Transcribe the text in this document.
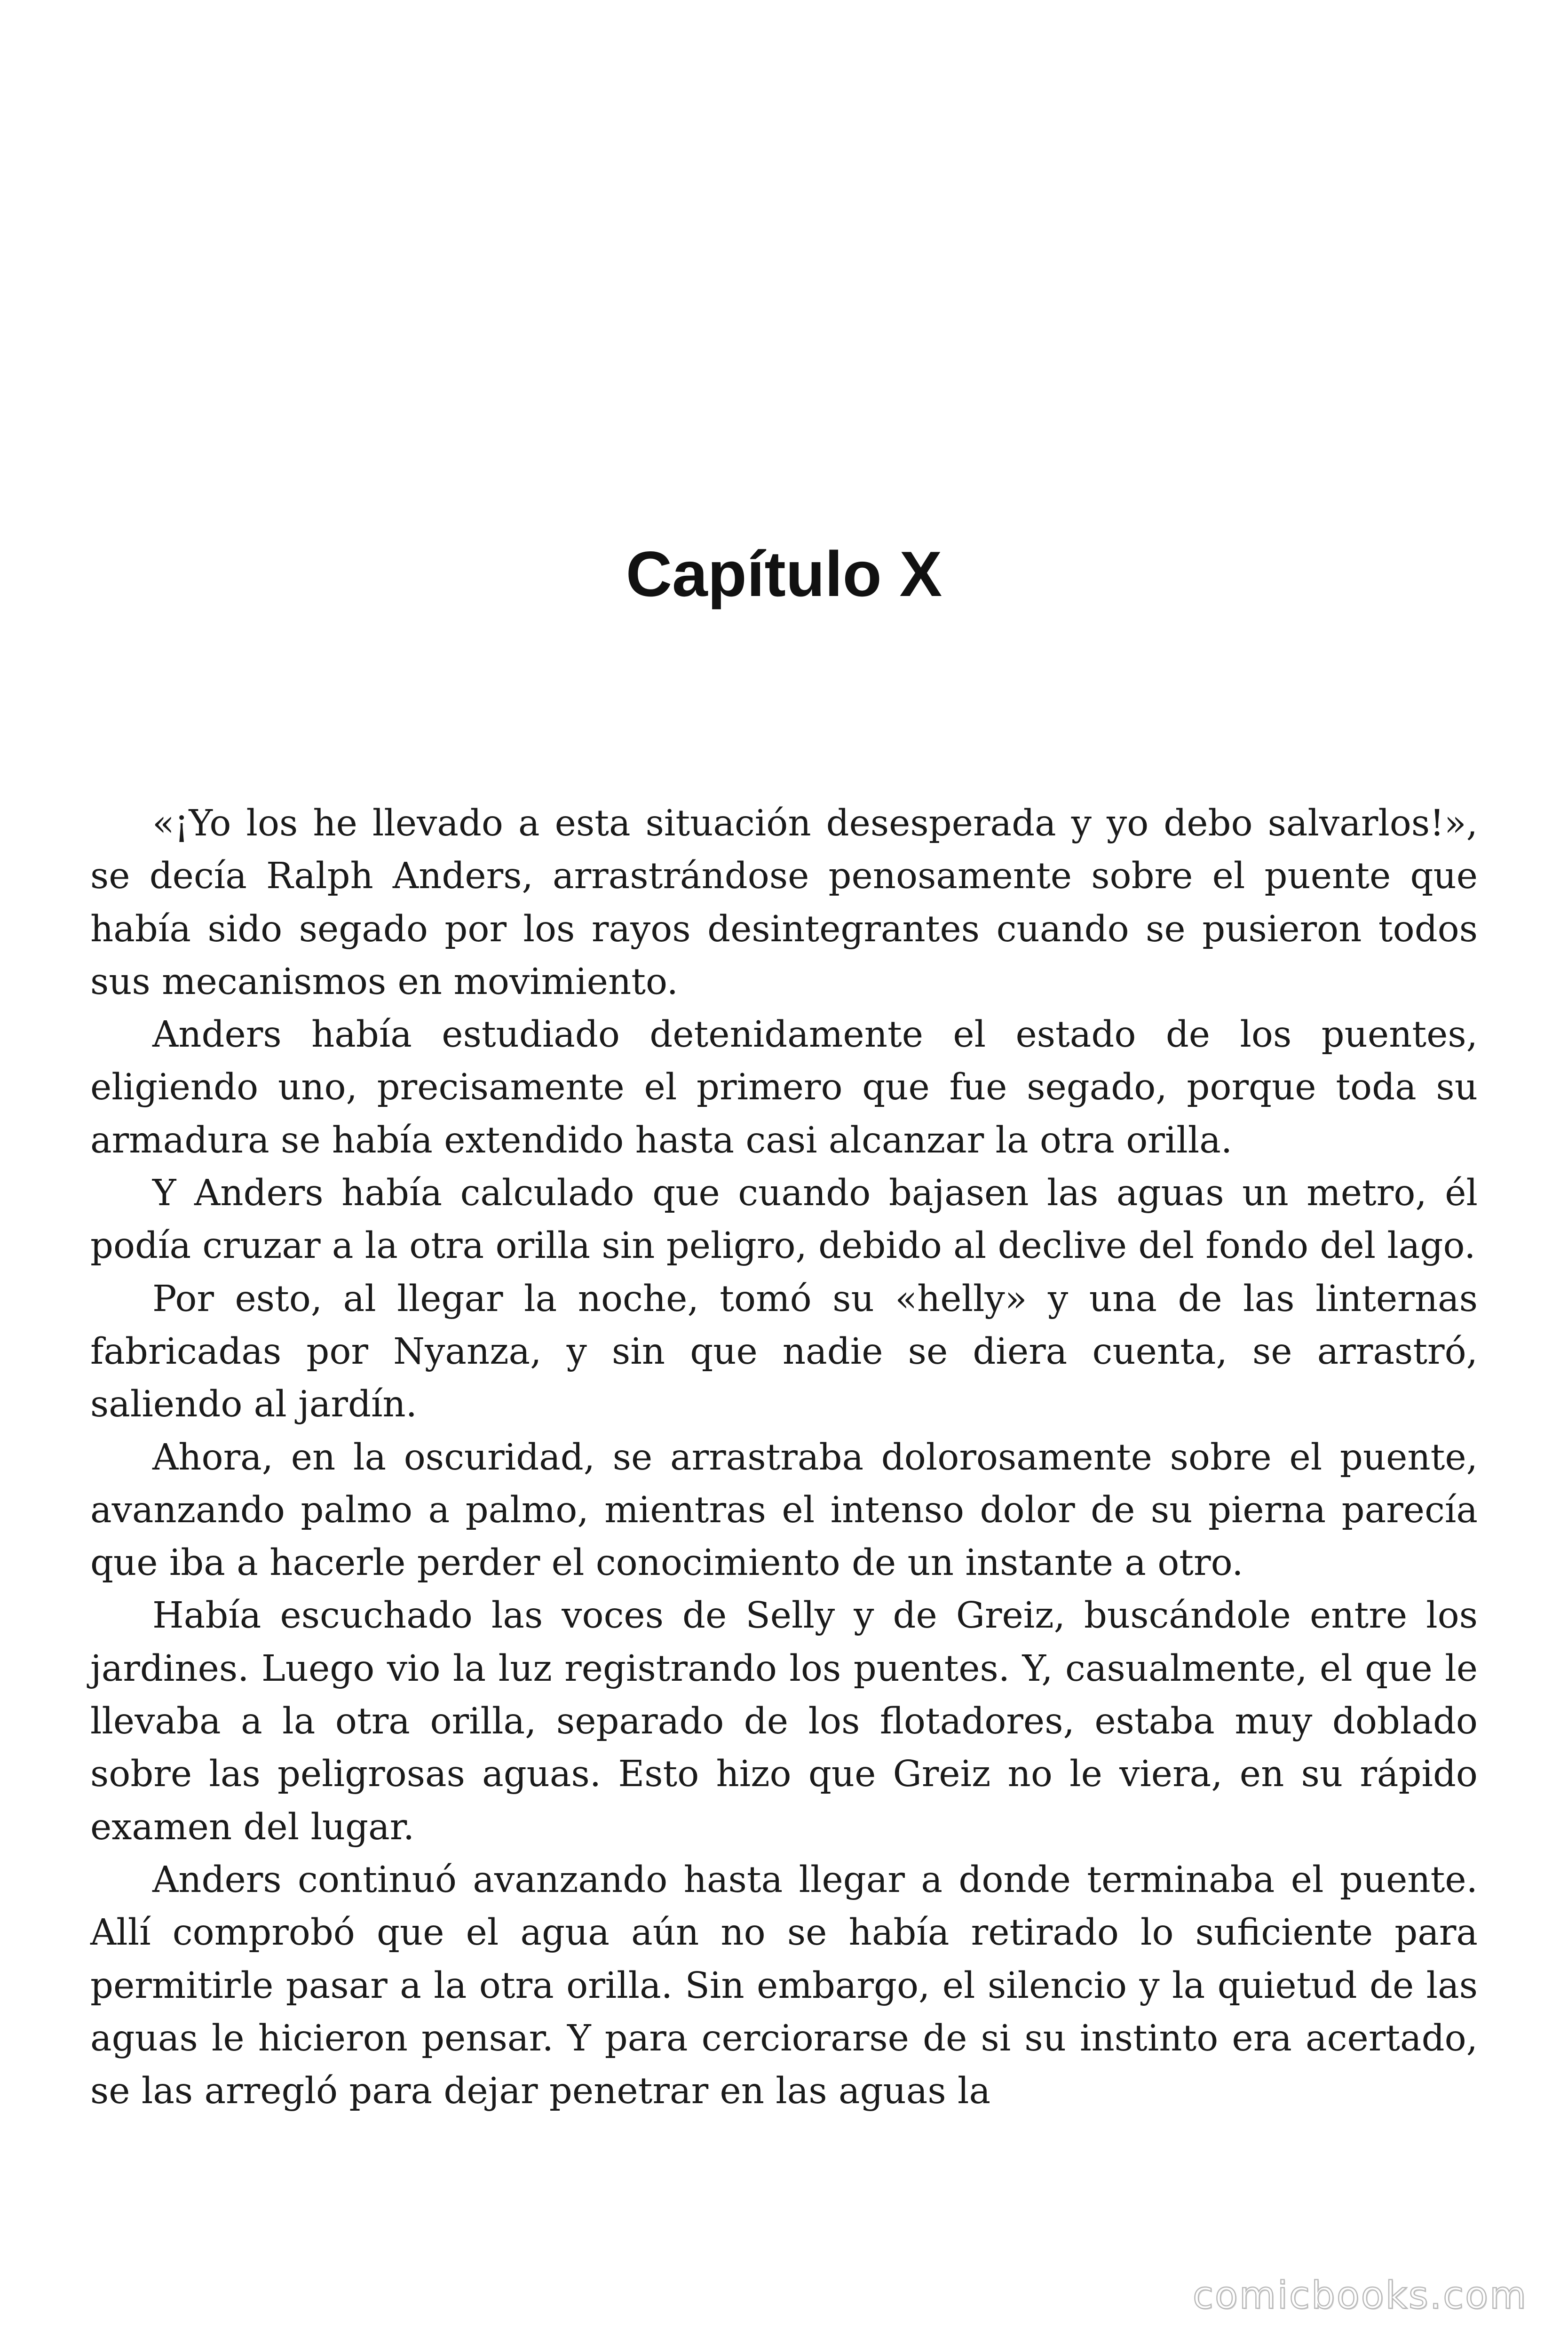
Capítulo X

«¡Yo los he llevado a esta situación desesperada y yo debo salvarlos!», se decía Ralph Anders, arrastrándose penosamente sobre el puente que había sido segado por los rayos desintegrantes cuando se pusieron todos sus mecanismos en movimiento.

Anders había estudiado detenidamente el estado de los puentes, eligiendo uno, precisamente el primero que fue segado, porque toda su armadura se había extendido hasta casi alcanzar la otra orilla.

Y Anders había calculado que cuando bajasen las aguas un metro, él podía cruzar a la otra orilla sin peligro, debido al declive del fondo del lago.

Por esto, al llegar la noche, tomó su «helly» y una de las linternas fabricadas por Nyanza, y sin que nadie se diera cuenta, se arrastró, saliendo al jardín.

Ahora, en la oscuridad, se arrastraba dolorosamente sobre el puente, avanzando palmo a palmo, mientras el intenso dolor de su pierna parecía que iba a hacerle perder el conocimiento de un instante a otro.

Había escuchado las voces de Selly y de Greiz, buscándole entre los jardines. Luego vio la luz registrando los puentes. Y, casualmente, el que le llevaba a la otra orilla, separado de los flotadores, estaba muy doblado sobre las peligrosas aguas. Esto hizo que Greiz no le viera, en su rápido examen del lugar.

Anders continuó avanzando hasta llegar a donde terminaba el puente. Allí comprobó que el agua aún no se había retirado lo suficiente para permitirle pasar a la otra orilla. Sin embargo, el silencio y la quietud de las aguas le hicieron pensar. Y para cerciorarse de si su instinto era acertado, se las arregló para dejar penetrar en las aguas la

comicbooks.com
